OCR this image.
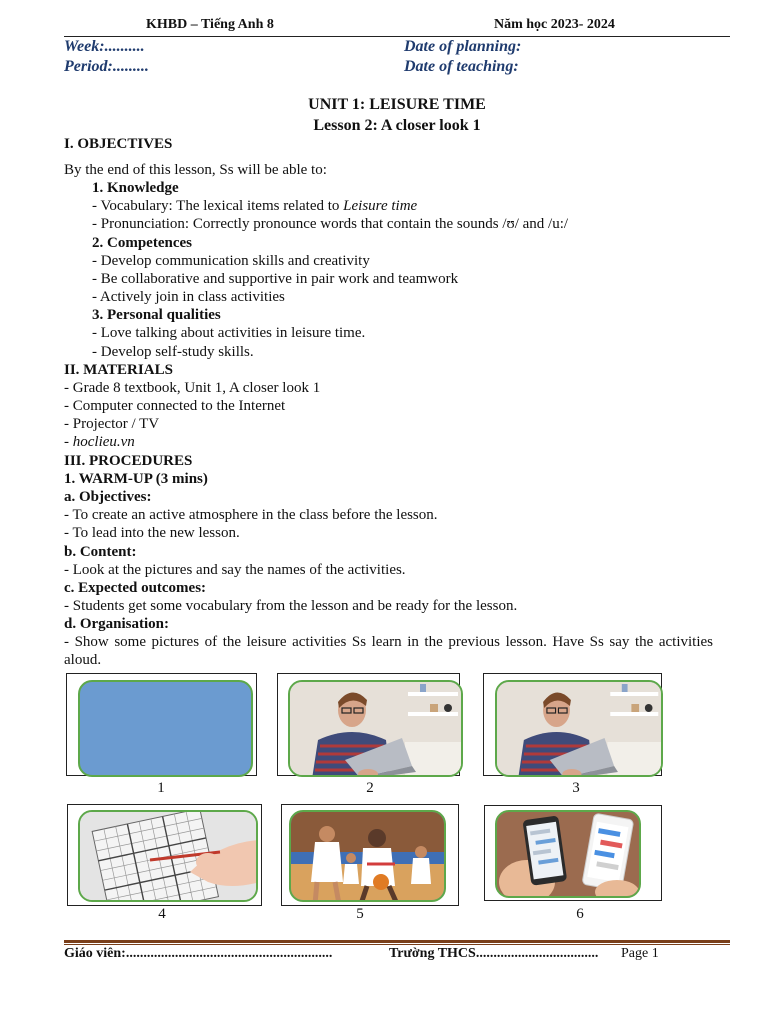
KHBD – Tiếng Anh 8	Năm học 2023- 2024
Week:..........	Date of planning:
Period:.........	Date of teaching:
UNIT 1: LEISURE TIME
Lesson 2: A closer look 1
I. OBJECTIVES
By the end of this lesson, Ss will be able to:
1. Knowledge
- Vocabulary: The lexical items related to Leisure time
- Pronunciation: Correctly pronounce words that contain the sounds /ʊ/ and /u:/
2. Competences
- Develop communication skills and creativity
- Be collaborative and supportive in pair work and teamwork
- Actively join in class activities
3. Personal qualities
- Love talking about activities in leisure time.
- Develop self-study skills.
II. MATERIALS
- Grade 8 textbook, Unit 1, A closer look 1
- Computer connected to the Internet
- Projector / TV
- hoclieu.vn
III. PROCEDURES
1. WARM-UP (3 mins)
a. Objectives:
- To create an active atmosphere in the class before the lesson.
- To lead into the new lesson.
b. Content:
- Look at the pictures and say the names of the activities.
c. Expected outcomes:
- Students get some vocabulary from the lesson and be ready for the lesson.
d. Organisation:
- Show some pictures of the leisure activities Ss learn in the previous lesson. Have Ss say the activities aloud.
1	2	3
4	5	6
Giáo viên:...........................................................	Trường THCS................................... Page 1
